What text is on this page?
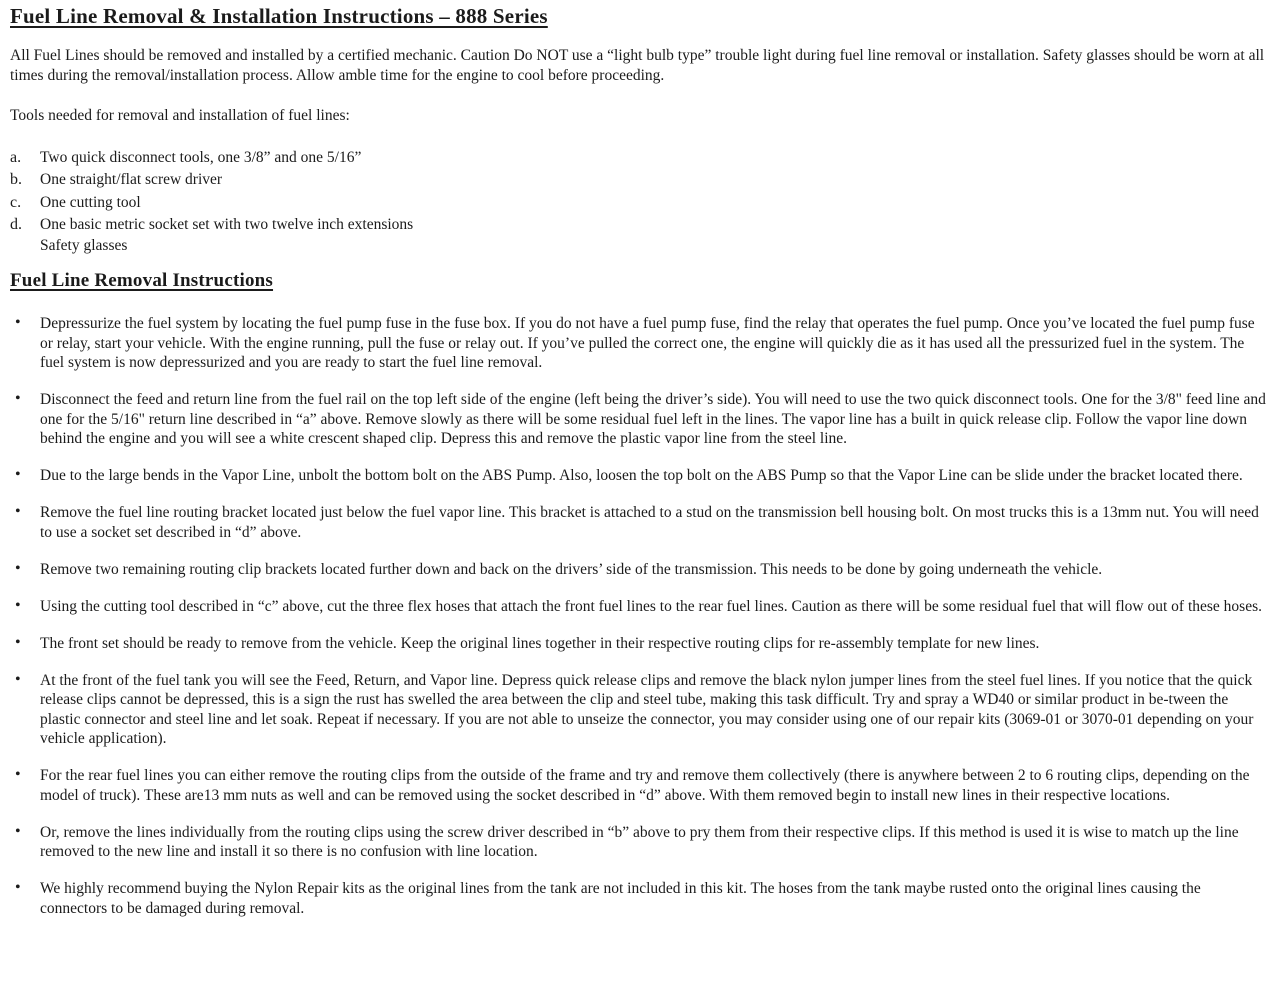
Fuel Line Removal & Installation Instructions – 888 Series

All Fuel Lines should be removed and installed by a certified mechanic. Caution Do NOT use a “light bulb type” trouble light during fuel line removal or installation. Safety glasses should be worn at all times during the removal/installation process. Allow amble time for the engine to cool before proceeding.

Tools needed for removal and installation of fuel lines:

a. Two quick disconnect tools, one 3/8” and one 5/16”
b. One straight/flat screw driver
c. One cutting tool
d. One basic metric socket set with two twelve inch extensions
Safety glasses
Fuel Line Removal Instructions
• Depressurize the fuel system by locating the fuel pump fuse in the fuse box. If you do not have a fuel pump fuse, find the relay that operates the fuel pump. Once you’ve located the fuel pump fuse or relay, start your vehicle. With the engine running, pull the fuse or relay out. If you’ve pulled the correct one, the engine will quickly die as it has used all the pressurized fuel in the system. The fuel system is now depressurized and you are ready to start the fuel line removal.
• Disconnect the feed and return line from the fuel rail on the top left side of the engine (left being the driver’s side). You will need to use the two quick disconnect tools. One for the 3/8" feed line and one for the 5/16" return line described in “a” above. Remove slowly as there will be some residual fuel left in the lines. The vapor line has a built in quick release clip. Follow the vapor line down behind the engine and you will see a white crescent shaped clip. Depress this and remove the plastic vapor line from the steel line.
• Due to the large bends in the Vapor Line, unbolt the bottom bolt on the ABS Pump. Also, loosen the top bolt on the ABS Pump so that the Vapor Line can be slide under the bracket located there.
• Remove the fuel line routing bracket located just below the fuel vapor line. This bracket is attached to a stud on the transmission bell housing bolt. On most trucks this is a 13mm nut. You will need to use a socket set described in “d” above.
• Remove two remaining routing clip brackets located further down and back on the drivers’ side of the transmission. This needs to be done by going underneath the vehicle.
• Using the cutting tool described in “c” above, cut the three flex hoses that attach the front fuel lines to the rear fuel lines. Caution as there will be some residual fuel that will flow out of these hoses.
• The front set should be ready to remove from the vehicle. Keep the original lines together in their respective routing clips for re-assembly template for new lines.
• At the front of the fuel tank you will see the Feed, Return, and Vapor line. Depress quick release clips and remove the black nylon jumper lines from the steel fuel lines. If you notice that the quick release clips cannot be depressed, this is a sign the rust has swelled the area between the clip and steel tube, making this task difficult. Try and spray a WD40 or similar product in be-tween the plastic connector and steel line and let soak. Repeat if necessary. If you are not able to unseize the connector, you may consider using one of our repair kits (3069-01 or 3070-01 depending on your vehicle application).
• For the rear fuel lines you can either remove the routing clips from the outside of the frame and try and remove them collectively (there is anywhere between 2 to 6 routing clips, depending on the model of truck). These are13 mm nuts as well and can be removed using the socket described in “d” above. With them removed begin to install new lines in their respective locations.
• Or, remove the lines individually from the routing clips using the screw driver described in “b” above to pry them from their respective clips. If this method is used it is wise to match up the line removed to the new line and install it so there is no confusion with line location.
• We highly recommend buying the Nylon Repair kits as the original lines from the tank are not included in this kit. The hoses from the tank maybe rusted onto the original lines causing the connectors to be damaged during removal.
